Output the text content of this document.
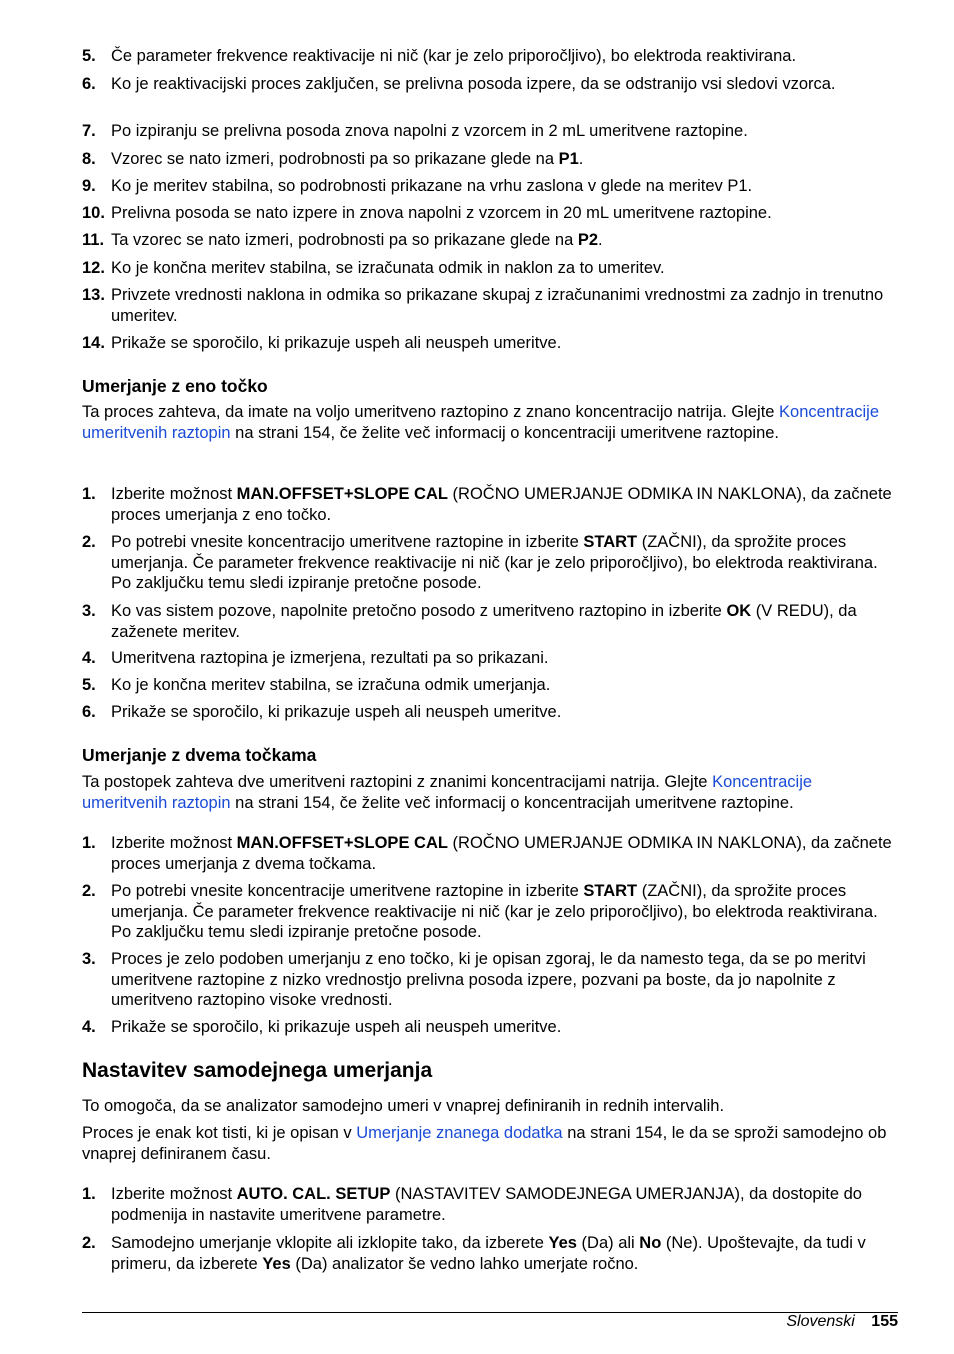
5. Če parameter frekvence reaktivacije ni nič (kar je zelo priporočljivo), bo elektroda reaktivirana.
6. Ko je reaktivacijski proces zaključen, se prelivna posoda izpere, da se odstranijo vsi sledovi vzorca.
7. Po izpiranju se prelivna posoda znova napolni z vzorcem in 2 mL umeritvene raztopine.
8. Vzorec se nato izmeri, podrobnosti pa so prikazane glede na P1.
9. Ko je meritev stabilna, so podrobnosti prikazane na vrhu zaslona v glede na meritev P1.
10. Prelivna posoda se nato izpere in znova napolni z vzorcem in 20 mL umeritvene raztopine.
11. Ta vzorec se nato izmeri, podrobnosti pa so prikazane glede na P2.
12. Ko je končna meritev stabilna, se izračunata odmik in naklon za to umeritev.
13. Privzete vrednosti naklona in odmika so prikazane skupaj z izračunanimi vrednostmi za zadnjo in trenutno umeritev.
14. Prikaže se sporočilo, ki prikazuje uspeh ali neuspeh umeritve.
Umerjanje z eno točko
Ta proces zahteva, da imate na voljo umeritveno raztopino z znano koncentracijo natrija. Glejte Koncentracije umeritvenih raztopin na strani 154, če želite več informacij o koncentraciji umeritvene raztopine.
1. Izberite možnost MAN.OFFSET+SLOPE CAL (ROČNO UMERJANJE ODMIKA IN NAKLONA), da začnete proces umerjanja z eno točko.
2. Po potrebi vnesite koncentracijo umeritvene raztopine in izberite START (ZAČNI), da sprožite proces umerjanja. Če parameter frekvence reaktivacije ni nič (kar je zelo priporočljivo), bo elektroda reaktivirana. Po zaključku temu sledi izpiranje pretočne posode.
3. Ko vas sistem pozove, napolnite pretočno posodo z umeritveno raztopino in izberite OK (V REDU), da zaženete meritev.
4. Umeritvena raztopina je izmerjena, rezultati pa so prikazani.
5. Ko je končna meritev stabilna, se izračuna odmik umerjanja.
6. Prikaže se sporočilo, ki prikazuje uspeh ali neuspeh umeritve.
Umerjanje z dvema točkama
Ta postopek zahteva dve umeritveni raztopini z znanimi koncentracijami natrija. Glejte Koncentracije umeritvenih raztopin na strani 154, če želite več informacij o koncentracijah umeritvene raztopine.
1. Izberite možnost MAN.OFFSET+SLOPE CAL (ROČNO UMERJANJE ODMIKA IN NAKLONA), da začnete proces umerjanja z dvema točkama.
2. Po potrebi vnesite koncentracije umeritvene raztopine in izberite START (ZAČNI), da sprožite proces umerjanja. Če parameter frekvence reaktivacije ni nič (kar je zelo priporočljivo), bo elektroda reaktivirana. Po zaključku temu sledi izpiranje pretočne posode.
3. Proces je zelo podoben umerjanju z eno točko, ki je opisan zgoraj, le da namesto tega, da se po meritvi umeritvene raztopine z nizko vrednostjo prelivna posoda izpere, pozvani pa boste, da jo napolnite z umeritveno raztopino visoke vrednosti.
4. Prikaže se sporočilo, ki prikazuje uspeh ali neuspeh umeritve.
Nastavitev samodejnega umerjanja
To omogoča, da se analizator samodejno umeri v vnaprej definiranih in rednih intervalih.
Proces je enak kot tisti, ki je opisan v Umerjanje znanega dodatka na strani 154, le da se sproži samodejno ob vnaprej definiranem času.
1. Izberite možnost AUTO. CAL. SETUP (NASTAVITEV SAMODEJNEGA UMERJANJA), da dostopite do podmenija in nastavite umeritvene parametre.
2. Samodejno umerjanje vklopite ali izklopite tako, da izberete Yes (Da) ali No (Ne). Upoštevajte, da tudi v primeru, da izberete Yes (Da) analizator še vedno lahko umerjate ročno.
Slovenski 155
